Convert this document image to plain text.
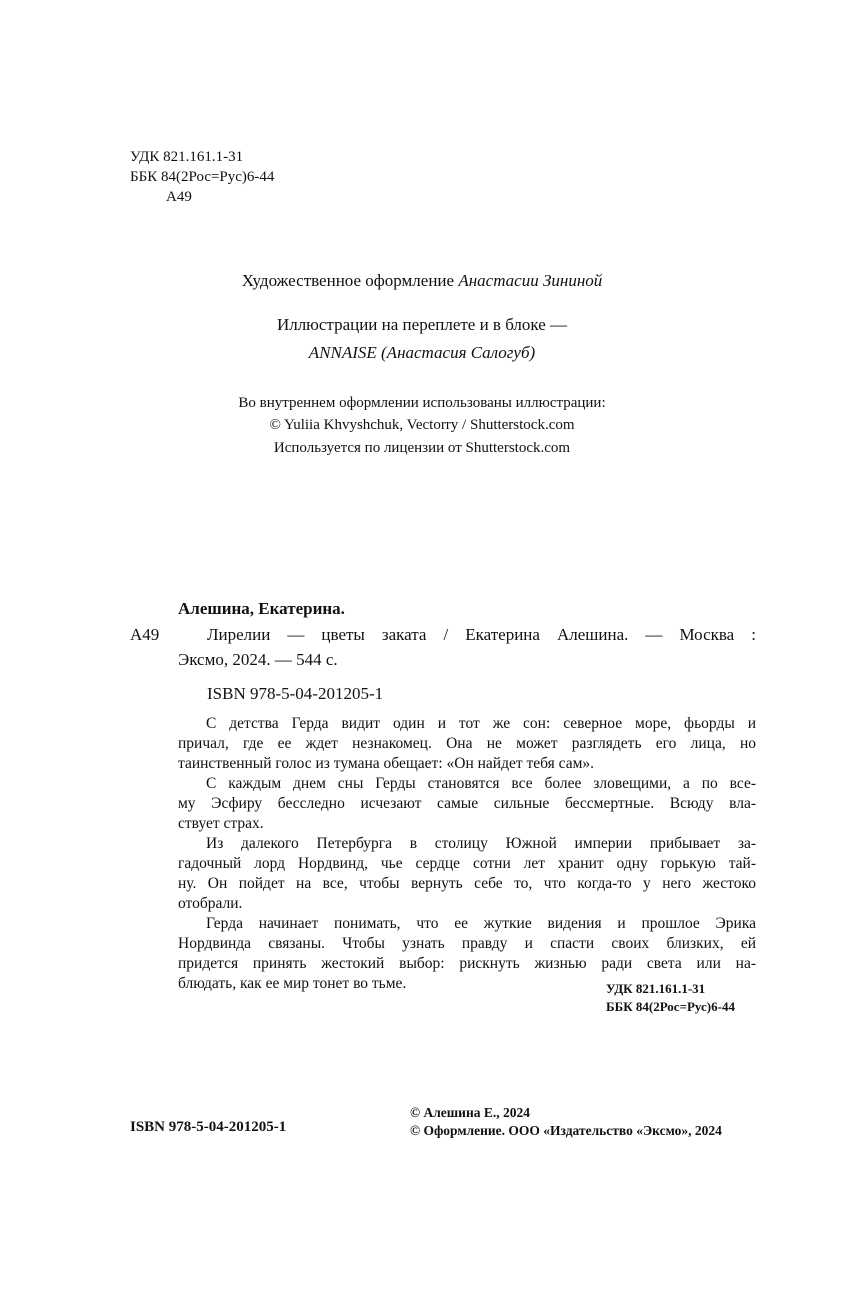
УДК 821.161.1-31
ББК 84(2Рос=Рус)6-44
А49
Художественное оформление Анастасии Зининой
Иллюстрации на переплете и в блоке —
ANNAISE (Анастасия Салогуб)
Во внутреннем оформлении использованы иллюстрации:
© Yuliia Khvyshchuk, Vectorry / Shutterstock.com
Используется по лицензии от Shutterstock.com
Алешина, Екатерина.
А49	Лирелии — цветы заката / Екатерина Алешина. — Москва :
Эксмо, 2024. — 544 с.
ISBN 978-5-04-201205-1
С детства Герда видит один и тот же сон: северное море, фьорды и
причал, где ее ждет незнакомец. Она не может разглядеть его лица, но
таинственный голос из тумана обещает: «Он найдет тебя сам».
С каждым днем сны Герды становятся все более зловещими, а по все-
му Эсфиру бесследно исчезают самые сильные бессмертные. Всюду вла-
ствует страх.
Из далекого Петербурга в столицу Южной империи прибывает за-
гадочный лорд Нордвинд, чье сердце сотни лет хранит одну горькую тай-
ну. Он пойдет на все, чтобы вернуть себе то, что когда-то у него жестоко
отобрали.
Герда начинает понимать, что ее жуткие видения и прошлое Эрика
Нордвинда связаны. Чтобы узнать правду и спасти своих близких, ей
придется принять жестокий выбор: рискнуть жизнью ради света или на-
блюдать, как ее мир тонет во тьме.	УДК 821.161.1-31
ББК 84(2Рос=Рус)6-44
ISBN 978-5-04-201205-1
© Алешина Е., 2024
© Оформление. ООО «Издательство «Эксмо», 2024
